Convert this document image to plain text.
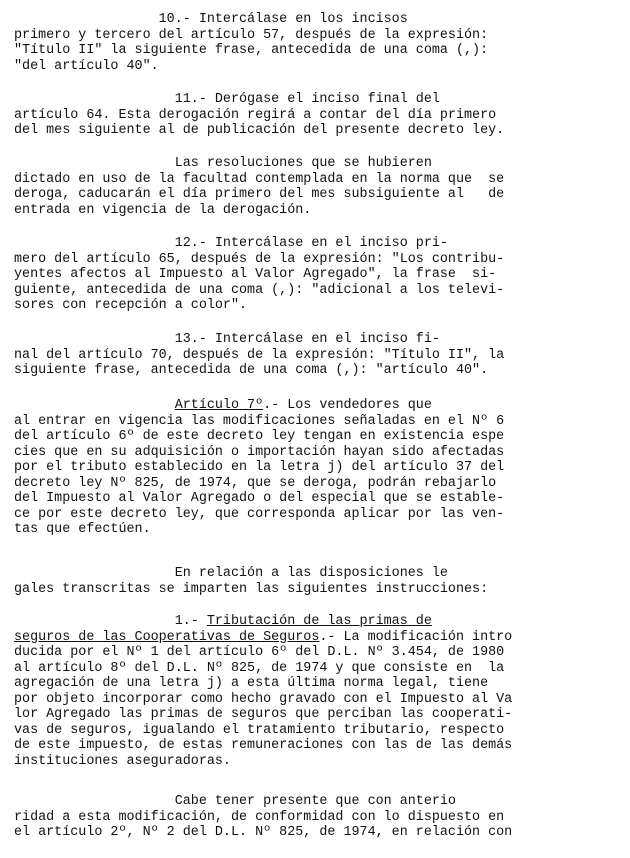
10.- Intercálase en los incisos
primero y tercero del artículo 57, después de la expresión:
"Título II" la siguiente frase, antecedida de una coma (,):
"del artículo 40".
11.- Derógase el inciso final del
artículo 64. Esta derogación regirá a contar del día primero
del mes siguiente al de publicación del presente decreto ley.
Las resoluciones que se hubieren
dictado en uso de la facultad contemplada en la norma que  se
deroga, caducarán el día primero del mes subsiguiente al   de
entrada en vigencia de la derogación.
12.- Intercálase en el inciso pri-
mero del artículo 65, después de la expresión: "Los contribu-
yentes afectos al Impuesto al Valor Agregado", la frase  si-
guiente, antecedida de una coma (,): "adicional a los televi-
sores con recepción a color".
13.- Intercálase en el inciso fi-
nal del artículo 70, después de la expresión: "Título II", la
siguiente frase, antecedida de una coma (,): "artículo 40".
Artículo 7º.- Los vendedores que
al entrar en vigencia las modificaciones señaladas en el Nº 6
del artículo 6º de este decreto ley tengan en existencia espe
cies que en su adquisición o importación hayan sido afectadas
por el tributo establecido en la letra j) del artículo 37 del
decreto ley Nº 825, de 1974, que se deroga, podrán rebajarlo
del Impuesto al Valor Agregado o del especial que se estable-
ce por este decreto ley, que corresponda aplicar por las ven-
tas que efectúen.
En relación a las disposiciones le
gales transcritas se imparten las siguientes instrucciones:
1.- Tributación de las primas de
seguros de las Cooperativas de Seguros.- La modificación intro
ducida por el Nº 1 del artículo 6º del D.L. Nº 3.454, de 1980
al artículo 8º del D.L. Nº 825, de 1974 y que consiste en  la
agregación de una letra j) a esta última norma legal, tiene
por objeto incorporar como hecho gravado con el Impuesto al Va
lor Agregado las primas de seguros que perciban las cooperati-
vas de seguros, igualando el tratamiento tributario, respecto
de este impuesto, de estas remuneraciones con las de las demás
instituciones aseguradoras.
Cabe tener presente que con anterio
ridad a esta modificación, de conformidad con lo dispuesto en
el artículo 2º, Nº 2 del D.L. Nº 825, de 1974, en relación con
